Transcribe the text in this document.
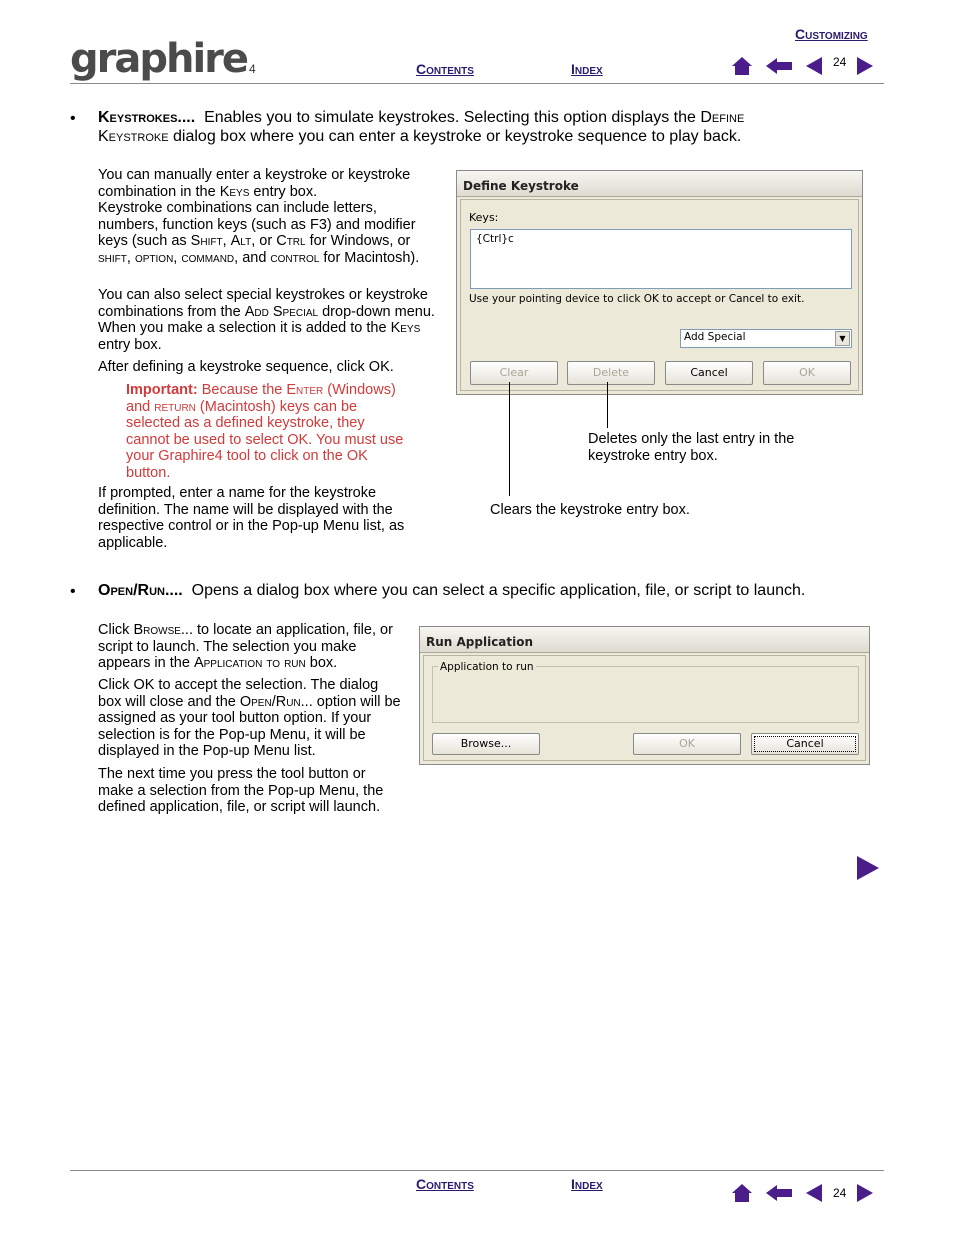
Customizing
graphire 4	Contents	Index	24
• Keystrokes.... Enables you to simulate keystrokes. Selecting this option displays the Define
Keystroke dialog box where you can enter a keystroke or keystroke sequence to play back.
You can manually enter a keystroke or keystroke combination in the Keys entry box.
Keystroke combinations can include letters, numbers, function keys (such as F3) and modifier keys (such as Shift, Alt, or Ctrl for Windows, or shift, option, command, and control for Macintosh).
You can also select special keystrokes or keystroke combinations from the Add Special drop-down menu. When you make a selection it is added to the Keys entry box.
After defining a keystroke sequence, click OK.
Important: Because the Enter (Windows) and return (Macintosh) keys can be selected as a defined keystroke, they cannot be used to select OK. You must use your Graphire4 tool to click on the OK button.
If prompted, enter a name for the keystroke definition. The name will be displayed with the respective control or in the Pop-up Menu list, as applicable.
Define Keystroke
Keys:
{Ctrl}c
Use your pointing device to click OK to accept or Cancel to exit.
Add Special	▼
Clear	Delete	Cancel	OK
Deletes only the last entry in the keystroke entry box.
Clears the keystroke entry box.
• Open/Run.... Opens a dialog box where you can select a specific application, file, or script to launch.
Click Browse... to locate an application, file, or script to launch. The selection you make appears in the Application to run box.
Click OK to accept the selection. The dialog box will close and the Open/Run... option will be assigned as your tool button option. If your selection is for the Pop-up Menu, it will be displayed in the Pop-up Menu list.
The next time you press the tool button or make a selection from the Pop-up Menu, the defined application, file, or script will launch.
Run Application
Application to run
Browse...	OK	Cancel
Contents	Index
24
